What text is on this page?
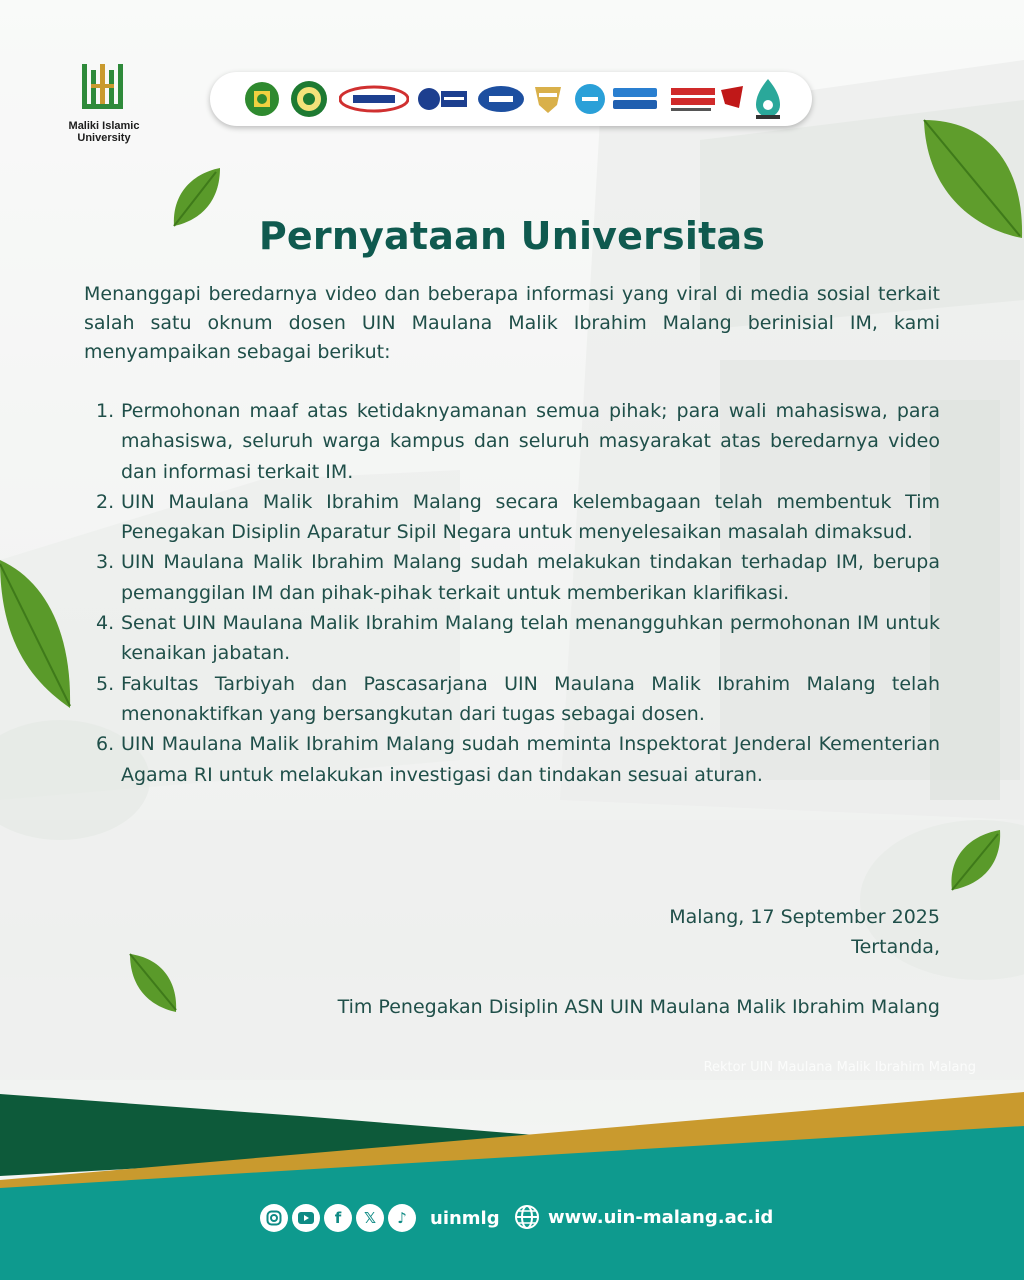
Maliki Islamic
University
Pernyataan Universitas

Menanggapi beredarnya video dan beberapa informasi yang viral di media sosial terkait salah satu oknum dosen UIN Maulana Malik Ibrahim Malang berinisial IM, kami menyampaikan sebagai berikut:

1. Permohonan maaf atas ketidaknyamanan semua pihak; para wali mahasiswa, para mahasiswa, seluruh warga kampus dan seluruh masyarakat atas beredarnya video dan informasi terkait IM.
2. UIN Maulana Malik Ibrahim Malang secara kelembagaan telah membentuk Tim Penegakan Disiplin Aparatur Sipil Negara untuk menyelesaikan masalah dimaksud.
3. UIN Maulana Malik Ibrahim Malang sudah melakukan tindakan terhadap IM, berupa pemanggilan IM dan pihak-pihak terkait untuk memberikan klarifikasi.
4. Senat UIN Maulana Malik Ibrahim Malang telah menangguhkan permohonan IM untuk kenaikan jabatan.
5. Fakultas Tarbiyah dan Pascasarjana UIN Maulana Malik Ibrahim Malang telah menonaktifkan yang bersangkutan dari tugas sebagai dosen.
6. UIN Maulana Malik Ibrahim Malang sudah meminta Inspektorat Jenderal Kementerian Agama RI untuk melakukan investigasi dan tindakan sesuai aturan.

Malang, 17 September 2025

Tertanda,

Tim Penegakan Disiplin ASN UIN Maulana Malik Ibrahim Malang

Rektor UIN Maulana Malik Ibrahim Malang

f	𝕏	♪	uinmlg	www.uin-malang.ac.id
